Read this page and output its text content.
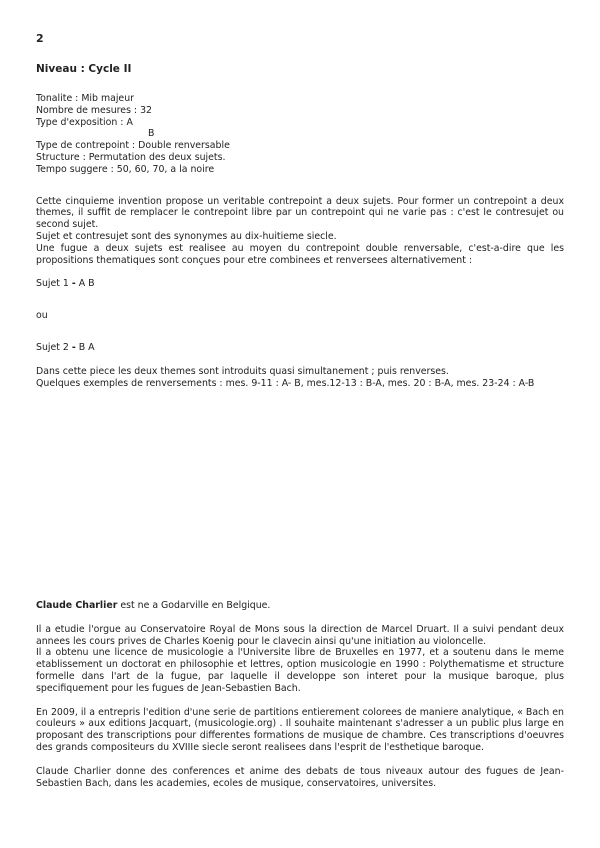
2
Niveau : Cycle II
Tonalite : Mib majeur
Nombre de mesures : 32
Type d'exposition : A
B
Type de contrepoint : Double renversable
Structure : Permutation des deux sujets.
Tempo suggere : 50, 60, 70, a la noire

Cette cinquieme invention propose un veritable contrepoint a deux sujets. Pour former un contrepoint a deux themes, il suffit de remplacer le contrepoint libre par un contrepoint qui ne varie pas : c'est le contresujet ou second sujet.

Sujet et contresujet sont des synonymes au dix-huitieme siecle.

Une fugue a deux sujets est realisee au moyen du contrepoint double renversable, c'est-a-dire que les propositions thematiques sont conçues pour etre combinees et renversees alternativement :

Sujet 1 - A B

ou

Sujet 2 - B A

Dans cette piece les deux themes sont introduits quasi simultanement ; puis renverses.

Quelques exemples de renversements : mes. 9-11 : A- B, mes.12-13 : B-A, mes. 20 : B-A, mes. 23-24 : A-B

Claude Charlier est ne a Godarville en Belgique.

Il a etudie l'orgue au Conservatoire Royal de Mons sous la direction de Marcel Druart. Il a suivi pendant deux annees les cours prives de Charles Koenig pour le clavecin ainsi qu'une initiation au violoncelle.

Il a obtenu une licence de musicologie a l'Universite libre de Bruxelles en 1977, et a soutenu dans le meme etablissement un doctorat en philosophie et lettres, option musicologie en 1990 : Polythematisme et structure formelle dans l'art de la fugue, par laquelle il developpe son interet pour la musique baroque, plus specifiquement pour les fugues de Jean-Sebastien Bach.

En 2009, il a entrepris l'edition d'une serie de partitions entierement colorees de maniere analytique, « Bach en couleurs » aux editions Jacquart, (musicologie.org) . Il souhaite maintenant s'adresser a un public plus large en proposant des transcriptions pour differentes formations de musique de chambre. Ces transcriptions d'oeuvres des grands compositeurs du XVIIIe siecle seront realisees dans l'esprit de l'esthetique baroque.

Claude Charlier donne des conferences et anime des debats de tous niveaux autour des fugues de Jean-Sebastien Bach, dans les academies, ecoles de musique, conservatoires, universites.
